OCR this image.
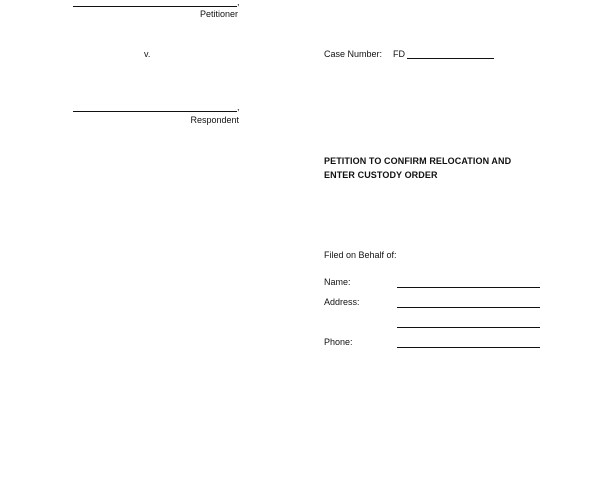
,
Petitioner
v.	Case Number: FD
,
Respondent
PETITION TO CONFIRM RELOCATION AND
ENTER CUSTODY ORDER
Filed on Behalf of:
Name:
Address:
Phone:
